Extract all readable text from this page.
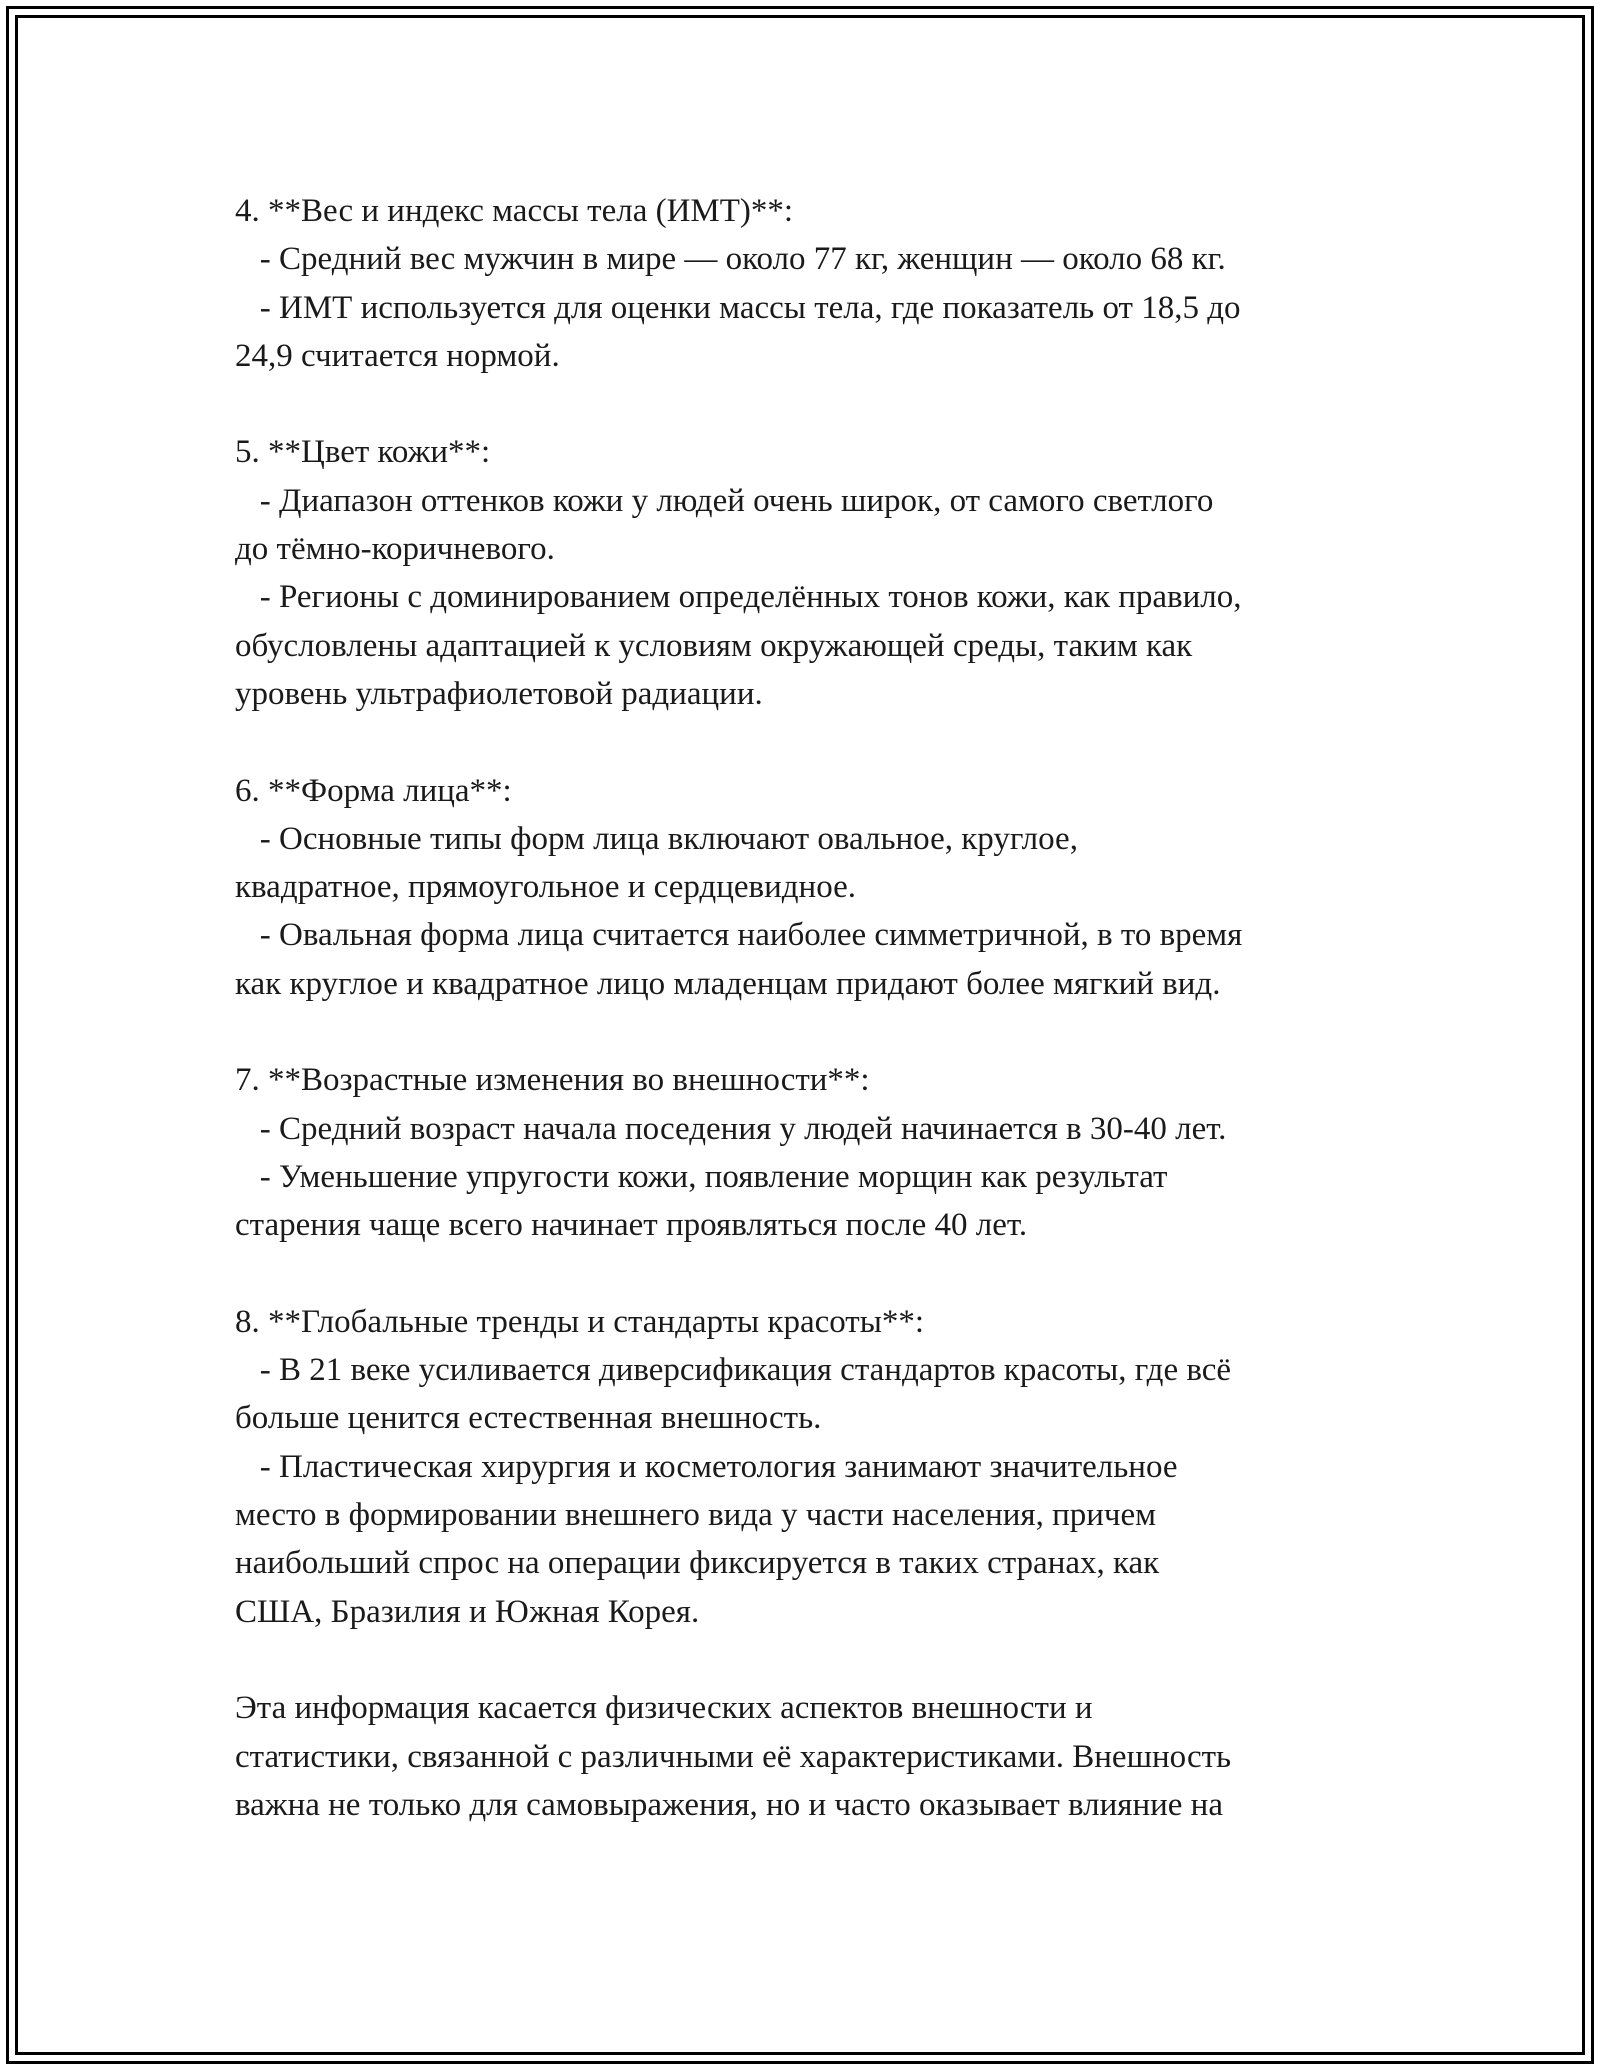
4. **Вес и индекс массы тела (ИМТ)**:
- Средний вес мужчин в мире — около 77 кг, женщин — около 68 кг.
- ИМТ используется для оценки массы тела, где показатель от 18,5 до
24,9 считается нормой.
5. **Цвет кожи**:
- Диапазон оттенков кожи у людей очень широк, от самого светлого
до тёмно-коричневого.
- Регионы с доминированием определённых тонов кожи, как правило,
обусловлены адаптацией к условиям окружающей среды, таким как
уровень ультрафиолетовой радиации.
6. **Форма лица**:
- Основные типы форм лица включают овальное, круглое,
квадратное, прямоугольное и сердцевидное.
- Овальная форма лица считается наиболее симметричной, в то время
как круглое и квадратное лицо младенцам придают более мягкий вид.
7. **Возрастные изменения во внешности**:
- Средний возраст начала поседения у людей начинается в 30-40 лет.
- Уменьшение упругости кожи, появление морщин как результат
старения чаще всего начинает проявляться после 40 лет.
8. **Глобальные тренды и стандарты красоты**:
- В 21 веке усиливается диверсификация стандартов красоты, где всё
больше ценится естественная внешность.
- Пластическая хирургия и косметология занимают значительное
место в формировании внешнего вида у части населения, причем
наибольший спрос на операции фиксируется в таких странах, как
США, Бразилия и Южная Корея.
Эта информация касается физических аспектов внешности и
статистики, связанной с различными её характеристиками. Внешность
важна не только для самовыражения, но и часто оказывает влияние на
